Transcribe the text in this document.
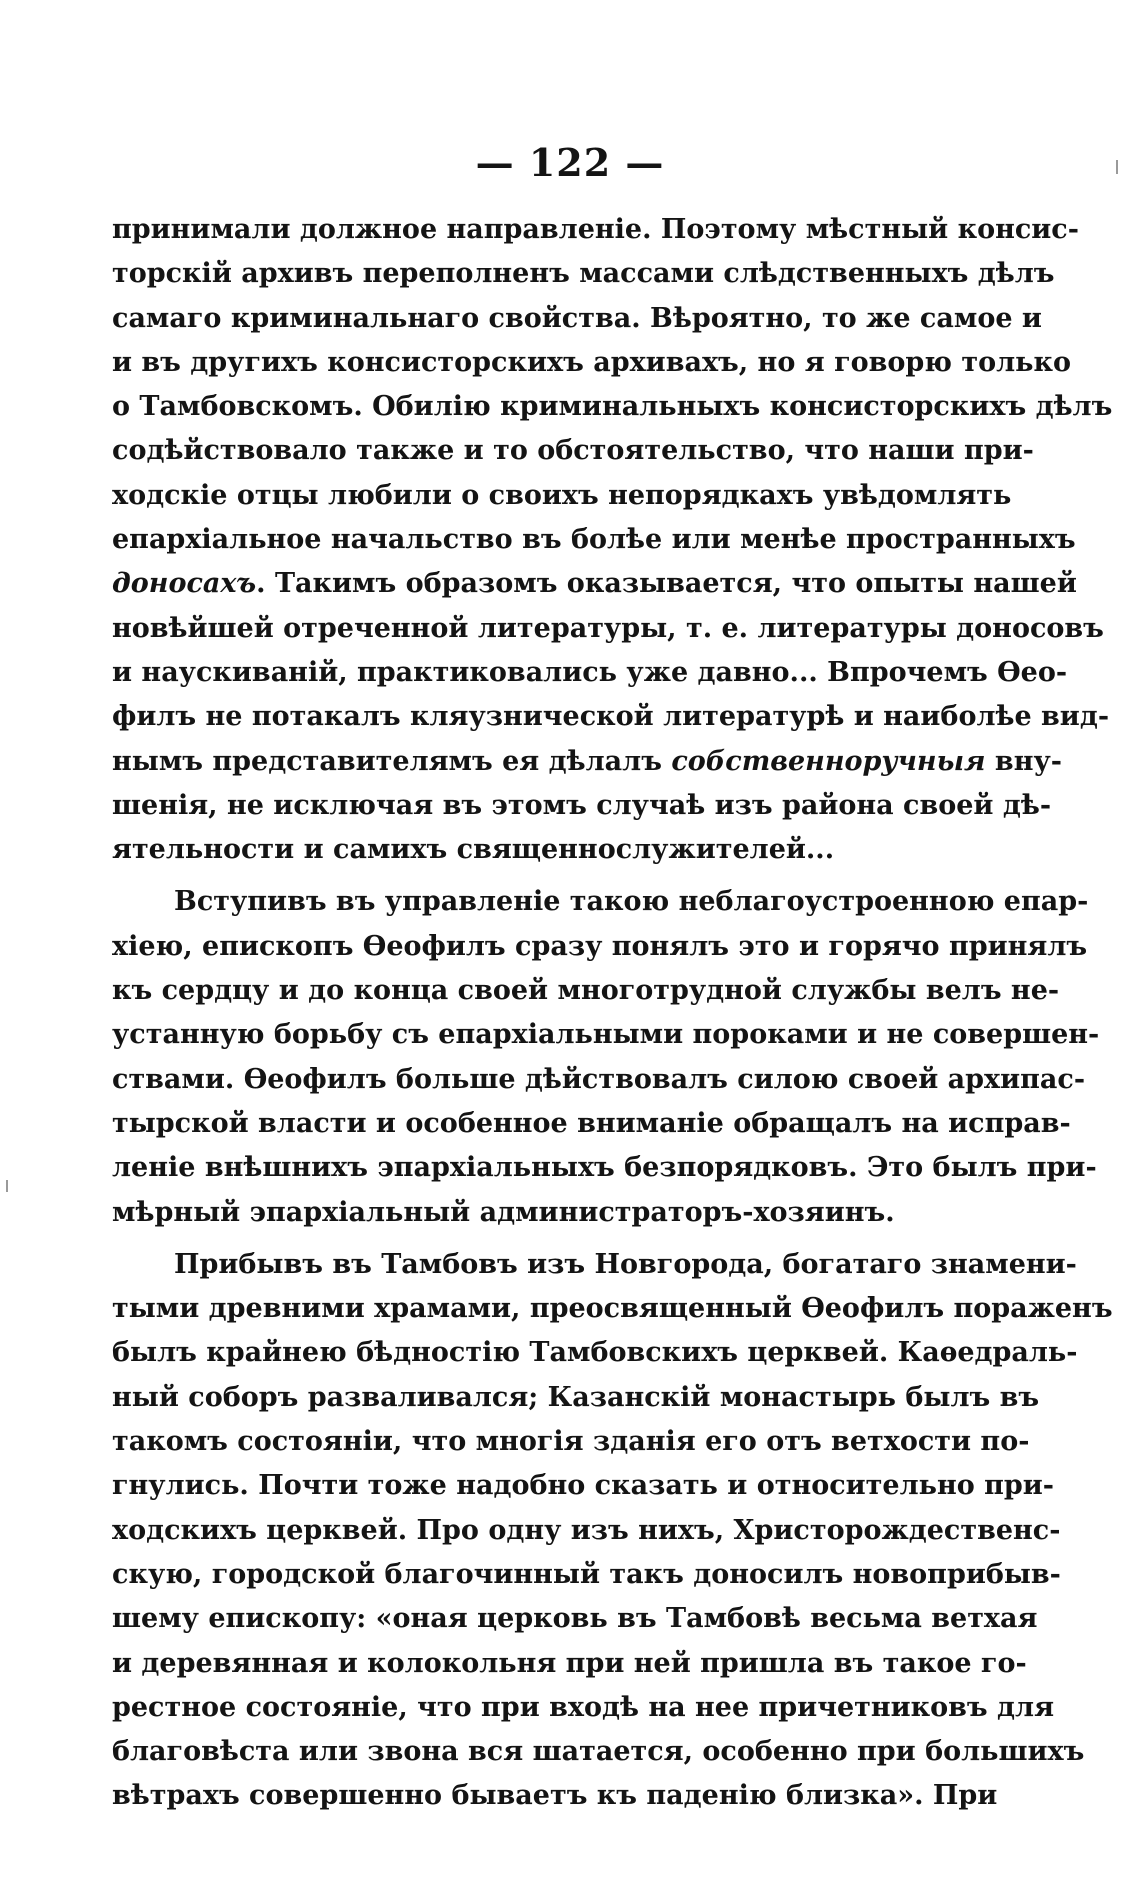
— 122 —
принимали должное направленіе. Поэтому мѣстный консис-
торскій архивъ переполненъ массами слѣдственныхъ дѣлъ
самаго криминальнаго свойства. Вѣроятно, то же самое и
и въ другихъ консисторскихъ архивахъ, но я говорю только
о Тамбовскомъ. Обилію криминальныхъ консисторскихъ дѣлъ
содѣйствовало также и то обстоятельство, что наши при-
ходскіе отцы любили о своихъ непорядкахъ увѣдомлять
епархіальное начальство въ болѣе или менѣе пространныхъ
доносахъ. Такимъ образомъ оказывается, что опыты нашей
новѣйшей отреченной литературы, т. е. литературы доносовъ
и наускиваній, практиковались уже давно... Впрочемъ Ѳеo-
филъ не потакалъ кляузнической литературѣ и наиболѣе вид-
нымъ представителямъ ея дѣлалъ собственноручныя вну-
шенія, не исключая въ этомъ случаѣ изъ района своей дѣ-
ятельности и самихъ священнослужителей...
Вступивъ въ управленіе такою неблагоустроенною епар-
хіею, епископъ Ѳеофилъ сразу понялъ это и горячо принялъ
къ сердцу и до конца своей многотрудной службы велъ не-
устанную борьбу съ епархіальными пороками и не совершен-
ствами. Ѳеофилъ больше дѣйствовалъ силою своей архипас-
тырской власти и особенное вниманіе обращалъ на исправ-
леніе внѣшнихъ эпархіальныхъ безпорядковъ. Это былъ при-
мѣрный эпархіальный администраторъ-хозяинъ.
Прибывъ въ Тамбовъ изъ Новгорода, богатаго знамени-
тыми древними храмами, преосвященный Ѳеофилъ пораженъ
былъ крайнею бѣдностію Тамбовскихъ церквей. Каѳедраль-
ный соборъ разваливался; Казанскій монастырь былъ въ
такомъ состояніи, что многія зданія его отъ ветхости по-
гнулись. Почти тоже надобно сказать и относительно при-
ходскихъ церквей. Про одну изъ нихъ, Христорождественс-
скую, городской благочинный такъ доносилъ новоприбыв-
шему епископу: «оная церковь въ Тамбовѣ весьма ветхая
и деревянная и колокольня при ней пришла въ такое го-
рестное состояніе, что при входѣ на нее причетниковъ для
благовѣста или звона вся шатается, особенно при большихъ
вѣтрахъ совершенно бываетъ къ паденію близка». При
